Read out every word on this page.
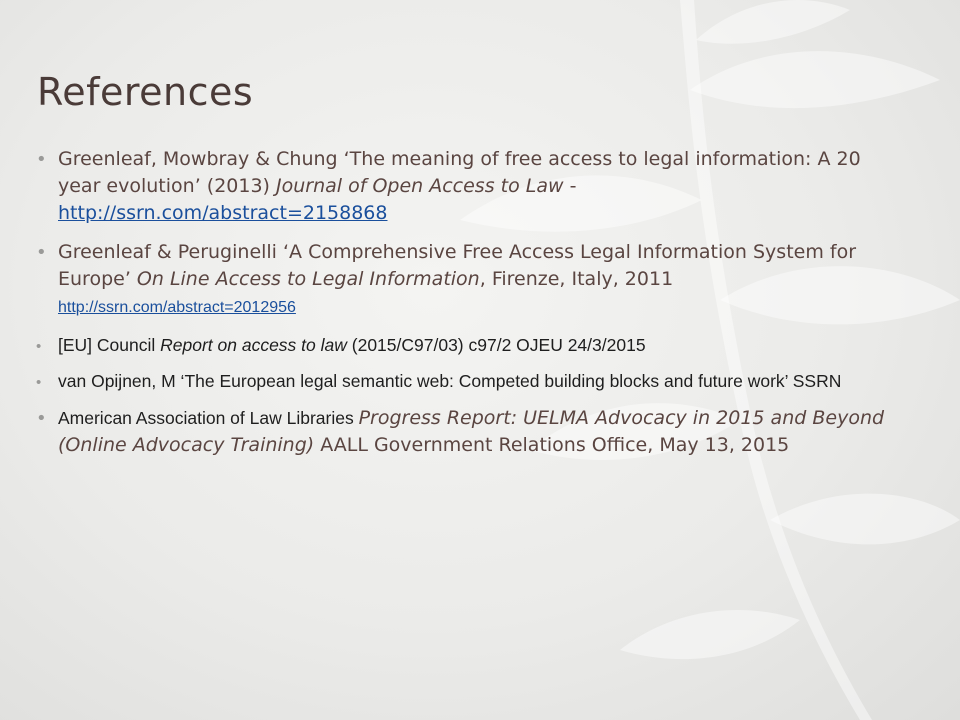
References
• Greenleaf, Mowbray & Chung ‘The meaning of free access to legal information: A 20 year evolution’ (2013) Journal of Open Access to Law -
http://ssrn.com/abstract=2158868
• Greenleaf & Peruginelli ‘A Comprehensive Free Access Legal Information System for Europe’ On Line Access to Legal Information, Firenze, Italy, 2011
http://ssrn.com/abstract=2012956
• [EU] Council Report on access to law (2015/C97/03) c97/2 OJEU 24/3/2015
• van Opijnen, M ‘The European legal semantic web: Competed building blocks and future work’ SSRN
• American Association of Law Libraries Progress Report: UELMA Advocacy in 2015 and Beyond (Online Advocacy Training) AALL Government Relations Office, May 13, 2015
